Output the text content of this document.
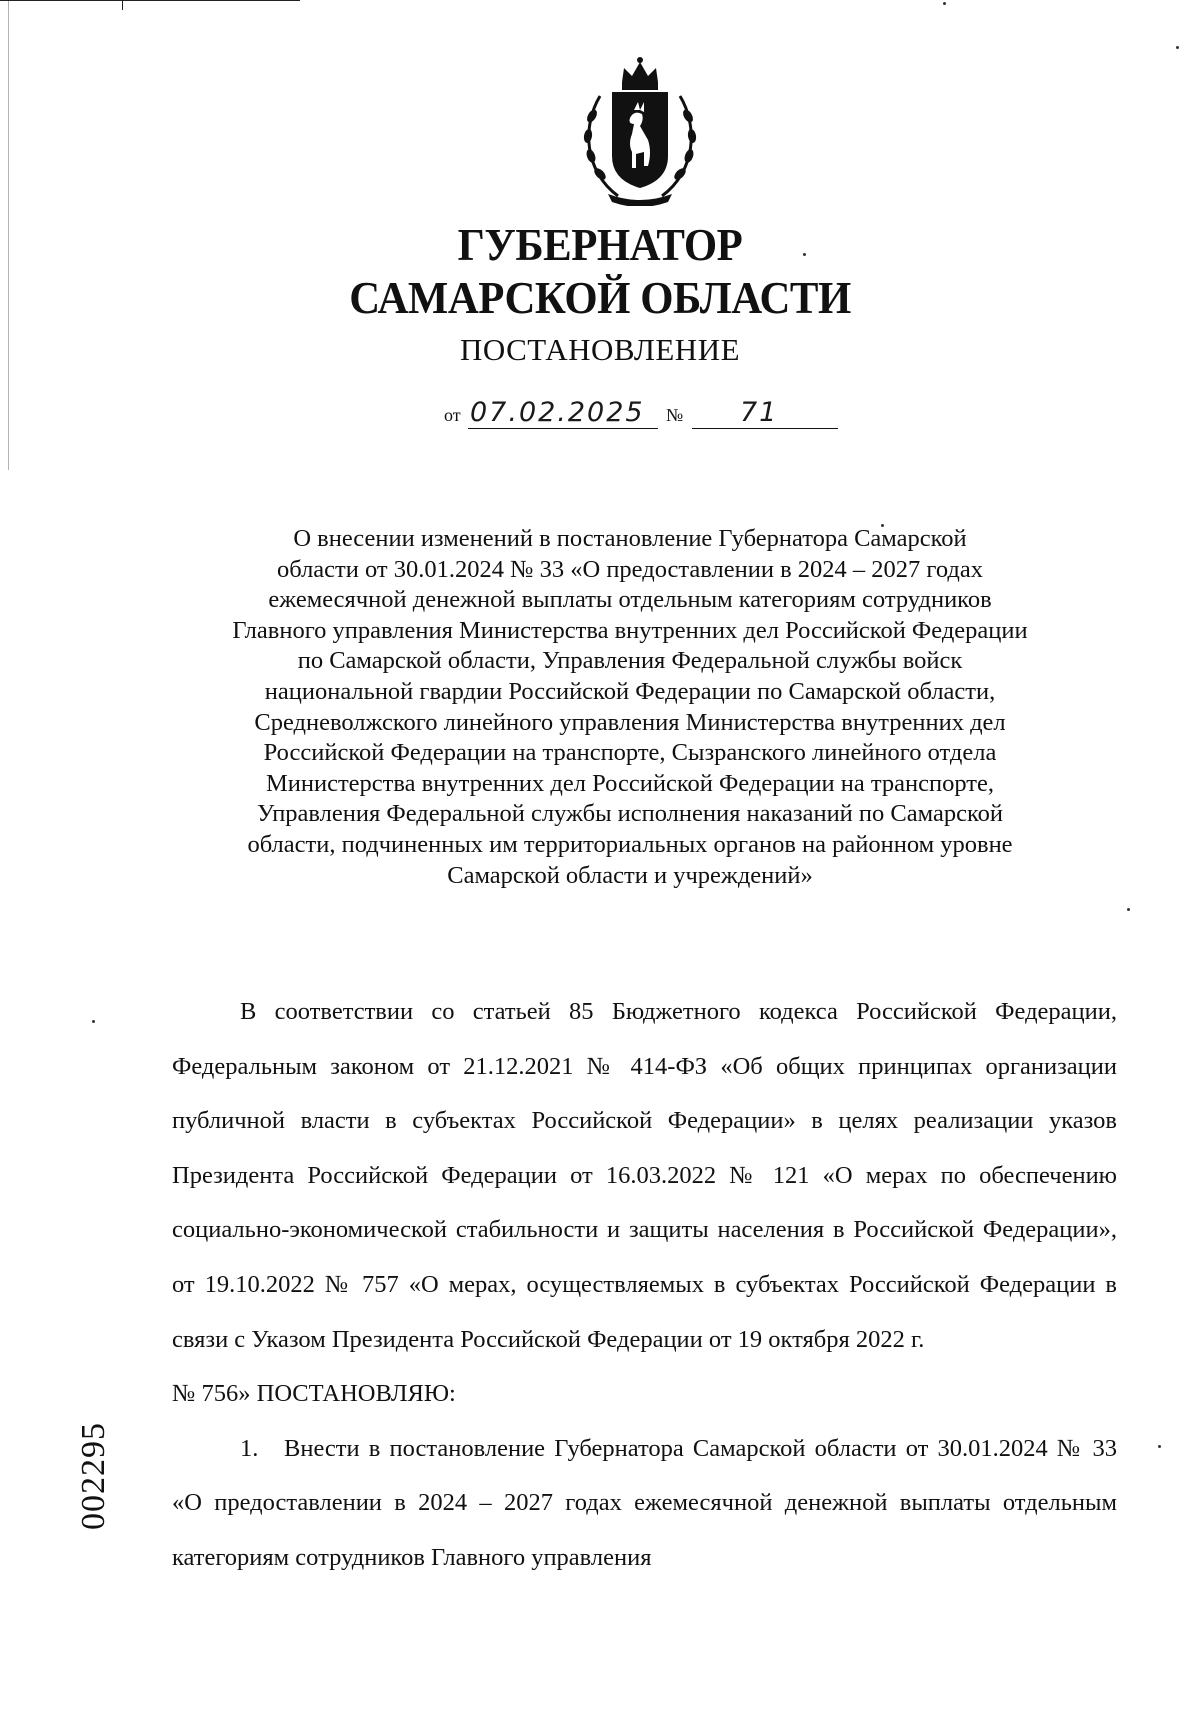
ГУБЕРНАТОР
САМАРСКОЙ ОБЛАСТИ
ПОСТАНОВЛЕНИЕ
от 07.02.2025 № 71
О внесении изменений в постановление Губернатора Самарской
области от 30.01.2024 № 33 «О предоставлении в 2024 – 2027 годах
ежемесячной денежной выплаты отдельным категориям сотрудников
Главного управления Министерства внутренних дел Российской Федерации
по Самарской области, Управления Федеральной службы войск
национальной гвардии Российской Федерации по Самарской области,
Средневолжского линейного управления Министерства внутренних дел
Российской Федерации на транспорте, Сызранского линейного отдела
Министерства внутренних дел Российской Федерации на транспорте,
Управления Федеральной службы исполнения наказаний по Самарской
области, подчиненных им территориальных органов на районном уровне
Самарской области и учреждений»

В соответствии со статьей 85 Бюджетного кодекса Российской Федерации, Федеральным законом от 21.12.2021 № 414-ФЗ «Об общих принципах организации публичной власти в субъектах Российской Федерации» в целях реализации указов Президента Российской Федерации от 16.03.2022 № 121 «О мерах по обеспечению социально-экономической стабильности и защиты населения в Российской Федерации», от 19.10.2022 № 757 «О мерах, осуществляемых в субъектах Российской Федерации в связи с Указом Президента Российской Федерации от 19 октября 2022 г.

№ 756» ПОСТАНОВЛЯЮ:

1. Внести в постановление Губернатора Самарской области от 30.01.2024 № 33 «О предоставлении в 2024 – 2027 годах ежемесячной денежной выплаты отдельным категориям сотрудников Главного управления

002295
